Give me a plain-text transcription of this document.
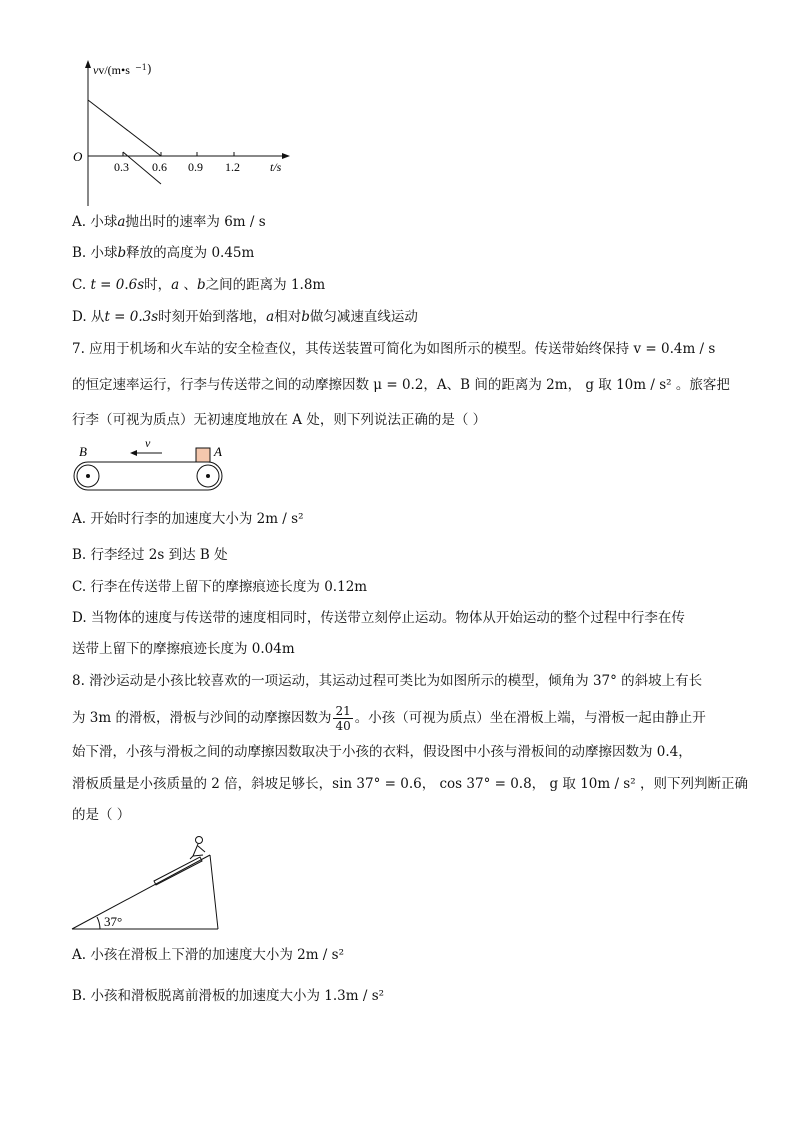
vv/(m•s
O
0.3 0.6 0.9 1.2	t/s
−1 )
A. 小球a抛出时的速率为 6m / s
B. 小球b释放的高度为 0.45m
C. t = 0.6s时，a 、b之间的距离为 1.8m
D. 从t = 0.3s时刻开始到落地，a相对b做匀减速直线运动
7. 应用于机场和火车站的安全检查仪，其传送装置可简化为如图所示的模型。传送带始终保持 v = 0.4m / s
的恒定速率运行，行李与传送带之间的动摩擦因数 μ = 0.2，A、B 间的距离为 2m， g 取 10m / s² 。旅客把
行李（可视为质点）无初速度地放在 A 处，则下列说法正确的是（ ）
B	A
v
A. 开始时行李的加速度大小为 2m / s²
B. 行李经过 2s 到达 B 处
C. 行李在传送带上留下的摩擦痕迹长度为 0.12m
D. 当物体的速度与传送带的速度相同时，传送带立刻停止运动。物体从开始运动的整个过程中行李在传
送带上留下的摩擦痕迹长度为 0.04m
8. 滑沙运动是小孩比较喜欢的一项运动，其运动过程可类比为如图所示的模型，倾角为 37° 的斜坡上有长
为 3m 的滑板，滑板与沙间的动摩擦因数为 $\frac{21}{40}$ 。小孩（可视为质点）坐在滑板上端，与滑板一起由静止开
始下滑，小孩与滑板之间的动摩擦因数取决于小孩的衣料，假设图中小孩与滑板间的动摩擦因数为 0.4，
滑板质量是小孩质量的 2 倍，斜坡足够长，sin 37° = 0.6， cos 37° = 0.8， g 取 10m / s² ，则下列判断正确
的是（ ）
37°
A. 小孩在滑板上下滑的加速度大小为 2m / s²
B. 小孩和滑板脱离前滑板的加速度大小为 1.3m / s²
